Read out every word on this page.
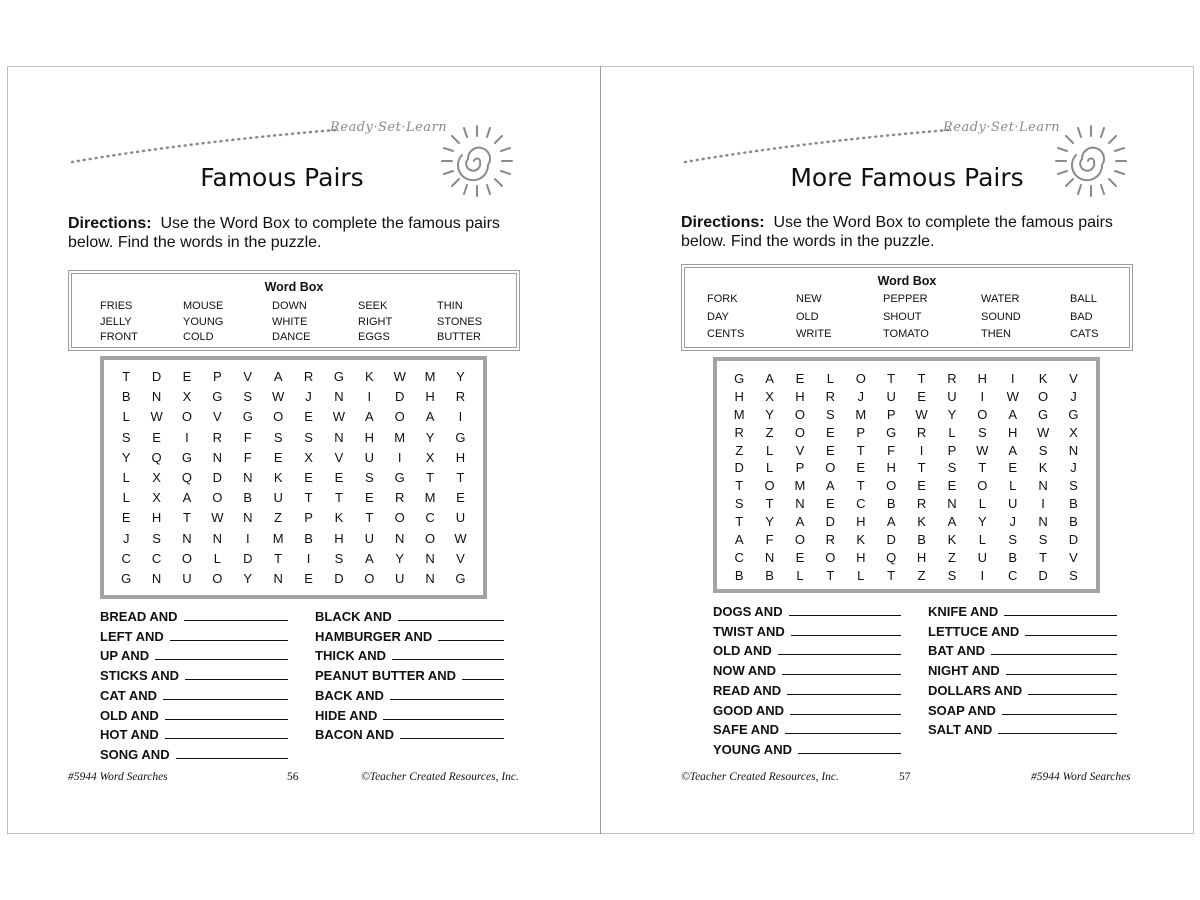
Ready·Set·Learn
Famous Pairs
Directions: Use the Word Box to complete the famous pairs below. Find the words in the puzzle.
Word Box
FRIES	MOUSE	DOWN	SEEK	THIN
JELLY	YOUNG	WHITE	RIGHT	STONES
FRONT	COLD	DANCE	EGGS	BUTTER
T	D	E	P	V	A	R	G	K	W	M	Y
B	N	X	G	S	W	J	N	I	D	H	R
L	W	O	V	G	O	E	W	A	O	A	I
S	E	I	R	F	S	S	N	H	M	Y	G
Y	Q	G	N	F	E	X	V	U	I	X	H
L	X	Q	D	N	K	E	E	S	G	T	T
L	X	A	O	B	U	T	T	E	R	M	E
E	H	T	W	N	Z	P	K	T	O	C	U
J	S	N	N	I	M	B	H	U	N	O	W
C	C	O	L	D	T	I	S	A	Y	N	V
G	N	U	O	Y	N	E	D	O	U	N	G
BREAD AND
LEFT AND
UP AND
STICKS AND
CAT AND
OLD AND
HOT AND
SONG AND
BLACK AND
HAMBURGER AND
THICK AND
PEANUT BUTTER AND
BACK AND
HIDE AND
BACON AND
#5944 Word Searches	56	©Teacher Created Resources, Inc.
Ready·Set·Learn
More Famous Pairs
Directions: Use the Word Box to complete the famous pairs below. Find the words in the puzzle.
Word Box
FORK	NEW	PEPPER	WATER	BALL
DAY	OLD	SHOUT	SOUND	BAD
CENTS	WRITE	TOMATO	THEN	CATS
G	A	E	L	O	T	T	R	H	I	K	V
H	X	H	R	J	U	E	U	I	W	O	J
M	Y	O	S	M	P	W	Y	O	A	G	G
R	Z	O	E	P	G	R	L	S	H	W	X
Z	L	V	E	T	F	I	P	W	A	S	N
D	L	P	O	E	H	T	S	T	E	K	J
T	O	M	A	T	O	E	E	O	L	N	S
S	T	N	E	C	B	R	N	L	U	I	B
T	Y	A	D	H	A	K	A	Y	J	N	B
A	F	O	R	K	D	B	K	L	S	S	D
C	N	E	O	H	Q	H	Z	U	B	T	V
B	B	L	T	L	T	Z	S	I	C	D	S
DOGS AND
TWIST AND
OLD AND
NOW AND
READ AND
GOOD AND
SAFE AND
YOUNG AND
KNIFE AND
LETTUCE AND
BAT AND
NIGHT AND
DOLLARS AND
SOAP AND
SALT AND
©Teacher Created Resources, Inc.	57	#5944 Word Searches
